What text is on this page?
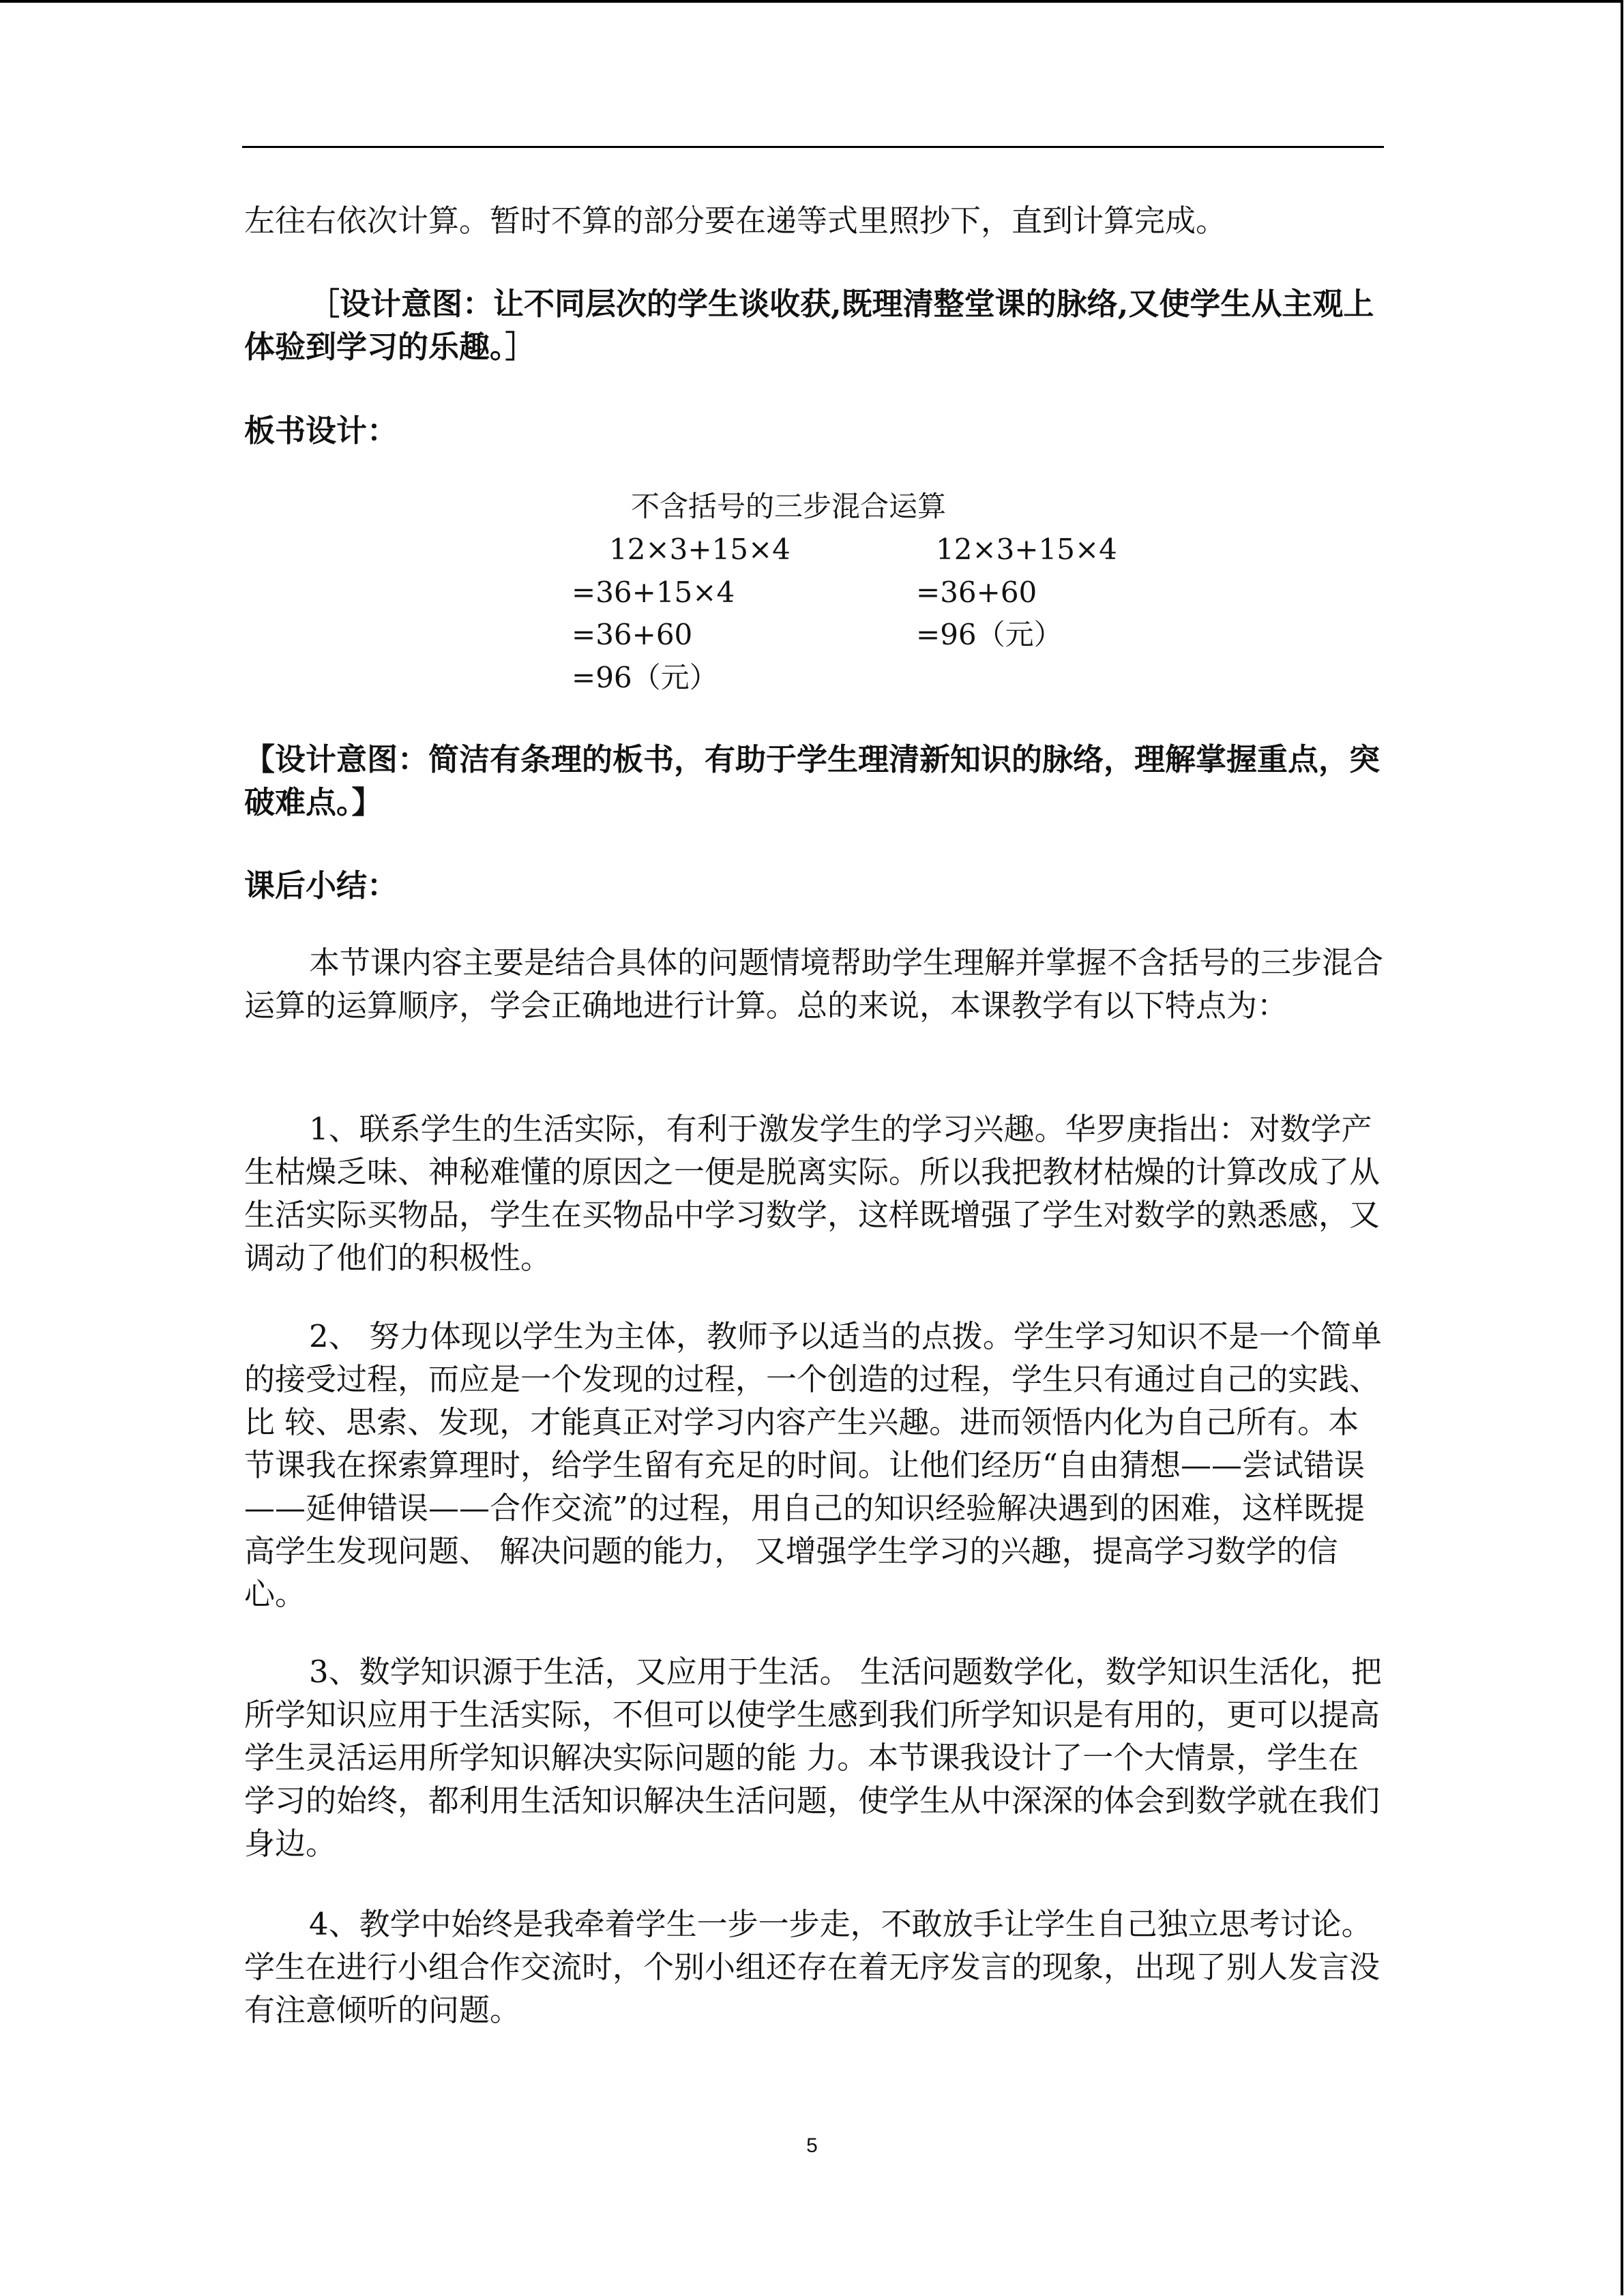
左往右依次计算。暂时不算的部分要在递等式里照抄下，直到计算完成。

［设计意图：让不同层次的学生谈收获,既理清整堂课的脉络,又使学生从主观上体验到学习的乐趣。］

板书设计：

不含括号的三步混合运算
12×3+15×4
=36+15×4
=36+60
=96（元）
12×3+15×4
=36+60
=96（元）

【设计意图：简洁有条理的板书，有助于学生理清新知识的脉络，理解掌握重点，突破难点。】

课后小结：

本节课内容主要是结合具体的问题情境帮助学生理解并掌握不含括号的三步混合运算的运算顺序，学会正确地进行计算。总的来说，本课教学有以下特点为：

1、联系学生的生活实际，有利于激发学生的学习兴趣。华罗庚指出：对数学产生枯燥乏味、神秘难懂的原因之一便是脱离实际。所以我把教材枯燥的计算改成了从生活实际买物品，学生在买物品中学习数学，这样既增强了学生对数学的熟悉感，又调动了他们的积极性。

2、 努力体现以学生为主体，教师予以适当的点拨。学生学习知识不是一个简单的接受过程，而应是一个发现的过程，一个创造的过程，学生只有通过自己的实践、比 较、思索、发现，才能真正对学习内容产生兴趣。进而领悟内化为自己所有。本节课我在探索算理时，给学生留有充足的时间。让他们经历“自由猜想——尝试错误——延伸错误——合作交流”的过程，用自己的知识经验解决遇到的困难，这样既提高学生发现问题、 解决问题的能力， 又增强学生学习的兴趣，提高学习数学的信心。

3、数学知识源于生活，又应用于生活。 生活问题数学化，数学知识生活化，把所学知识应用于生活实际，不但可以使学生感到我们所学知识是有用的，更可以提高学生灵活运用所学知识解决实际问题的能 力。本节课我设计了一个大情景，学生在学习的始终，都利用生活知识解决生活问题，使学生从中深深的体会到数学就在我们身边。

4、教学中始终是我牵着学生一步一步走，不敢放手让学生自己独立思考讨论。学生在进行小组合作交流时，个别小组还存在着无序发言的现象，出现了别人发言没有注意倾听的问题。

5
